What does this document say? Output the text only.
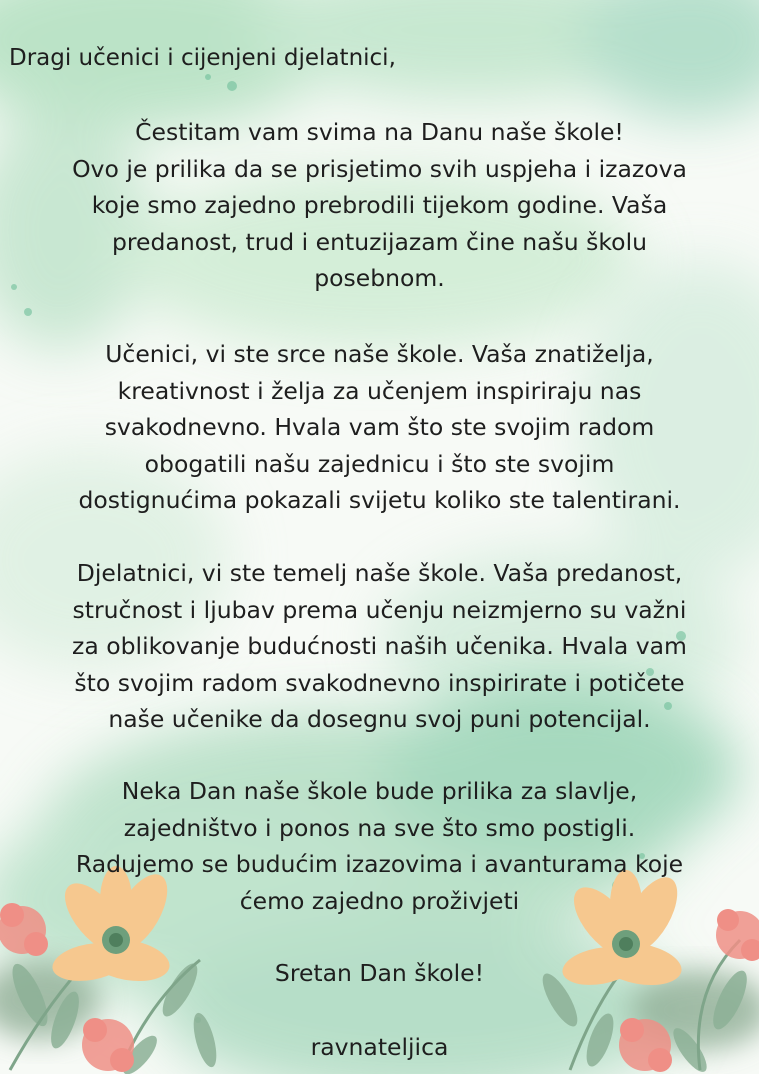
Dragi učenici i cijenjeni djelatnici,

Čestitam vam svima na Danu naše škole!
Ovo je prilika da se prisjetimo svih uspjeha i izazova
koje smo zajedno prebrodili tijekom godine. Vaša
predanost, trud i entuzijazam čine našu školu
posebnom.

Učenici, vi ste srce naše škole. Vaša znatiželja,
kreativnost i želja za učenjem inspiriraju nas
svakodnevno. Hvala vam što ste svojim radom
obogatili našu zajednicu i što ste svojim
dostignućima pokazali svijetu koliko ste talentirani.

Djelatnici, vi ste temelj naše škole. Vaša predanost,
stručnost i ljubav prema učenju neizmjerno su važni
za oblikovanje budućnosti naših učenika. Hvala vam
što svojim radom svakodnevno inspirirate i potičete
naše učenike da dosegnu svoj puni potencijal.

Neka Dan naše škole bude prilika za slavlje,
zajedništvo i ponos na sve što smo postigli.
Radujemo se budućim izazovima i avanturama koje
ćemo zajedno proživjeti

Sretan Dan škole!

ravnateljica
